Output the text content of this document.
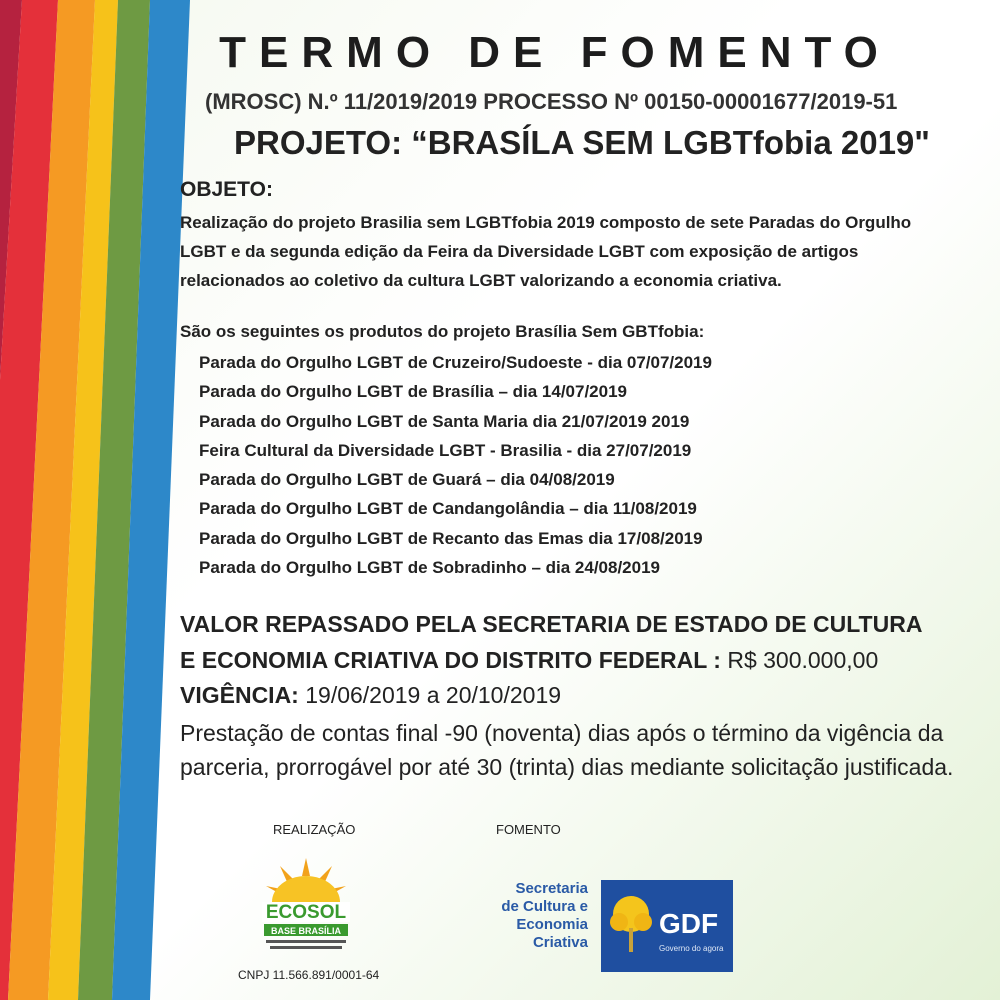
TERMO DE FOMENTO
(MROSC) N.º 11/2019/2019 PROCESSO Nº 00150-00001677/2019-51
PROJETO: “BRASÍLA SEM LGBTfobia 2019"
OBJETO:
Realização do projeto Brasilia sem LGBTfobia 2019 composto de sete Paradas do Orgulho
LGBT e da segunda edição da Feira da Diversidade LGBT com exposição de artigos
relacionados ao coletivo da cultura LGBT valorizando a economia criativa.
São os seguintes os produtos do projeto Brasília Sem GBTfobia:
Parada do Orgulho LGBT de Cruzeiro/Sudoeste - dia 07/07/2019
Parada do Orgulho LGBT de Brasília – dia 14/07/2019
Parada do Orgulho LGBT de Santa Maria dia 21/07/2019 2019
Feira Cultural da Diversidade LGBT - Brasilia - dia 27/07/2019
Parada do Orgulho LGBT de Guará – dia 04/08/2019
Parada do Orgulho LGBT de Candangolândia – dia 11/08/2019
Parada do Orgulho LGBT de Recanto das Emas dia 17/08/2019
Parada do Orgulho LGBT de Sobradinho – dia 24/08/2019
VALOR REPASSADO PELA SECRETARIA DE ESTADO DE CULTURA
E ECONOMIA CRIATIVA DO DISTRITO FEDERAL : R$ 300.000,00
VIGÊNCIA: 19/06/2019 a 20/10/2019
Prestação de contas final -90 (noventa) dias após o término da vigência da
parceria, prorrogável por até 30 (trinta) dias mediante solicitação justificada.
REALIZAÇÃO	FOMENTO
ECOSOL
BASE BRASÍLIA
CNPJ 11.566.891/0001-64
Secretaria
de Cultura e
Economia
Criativa
GDF
Governo do agora
